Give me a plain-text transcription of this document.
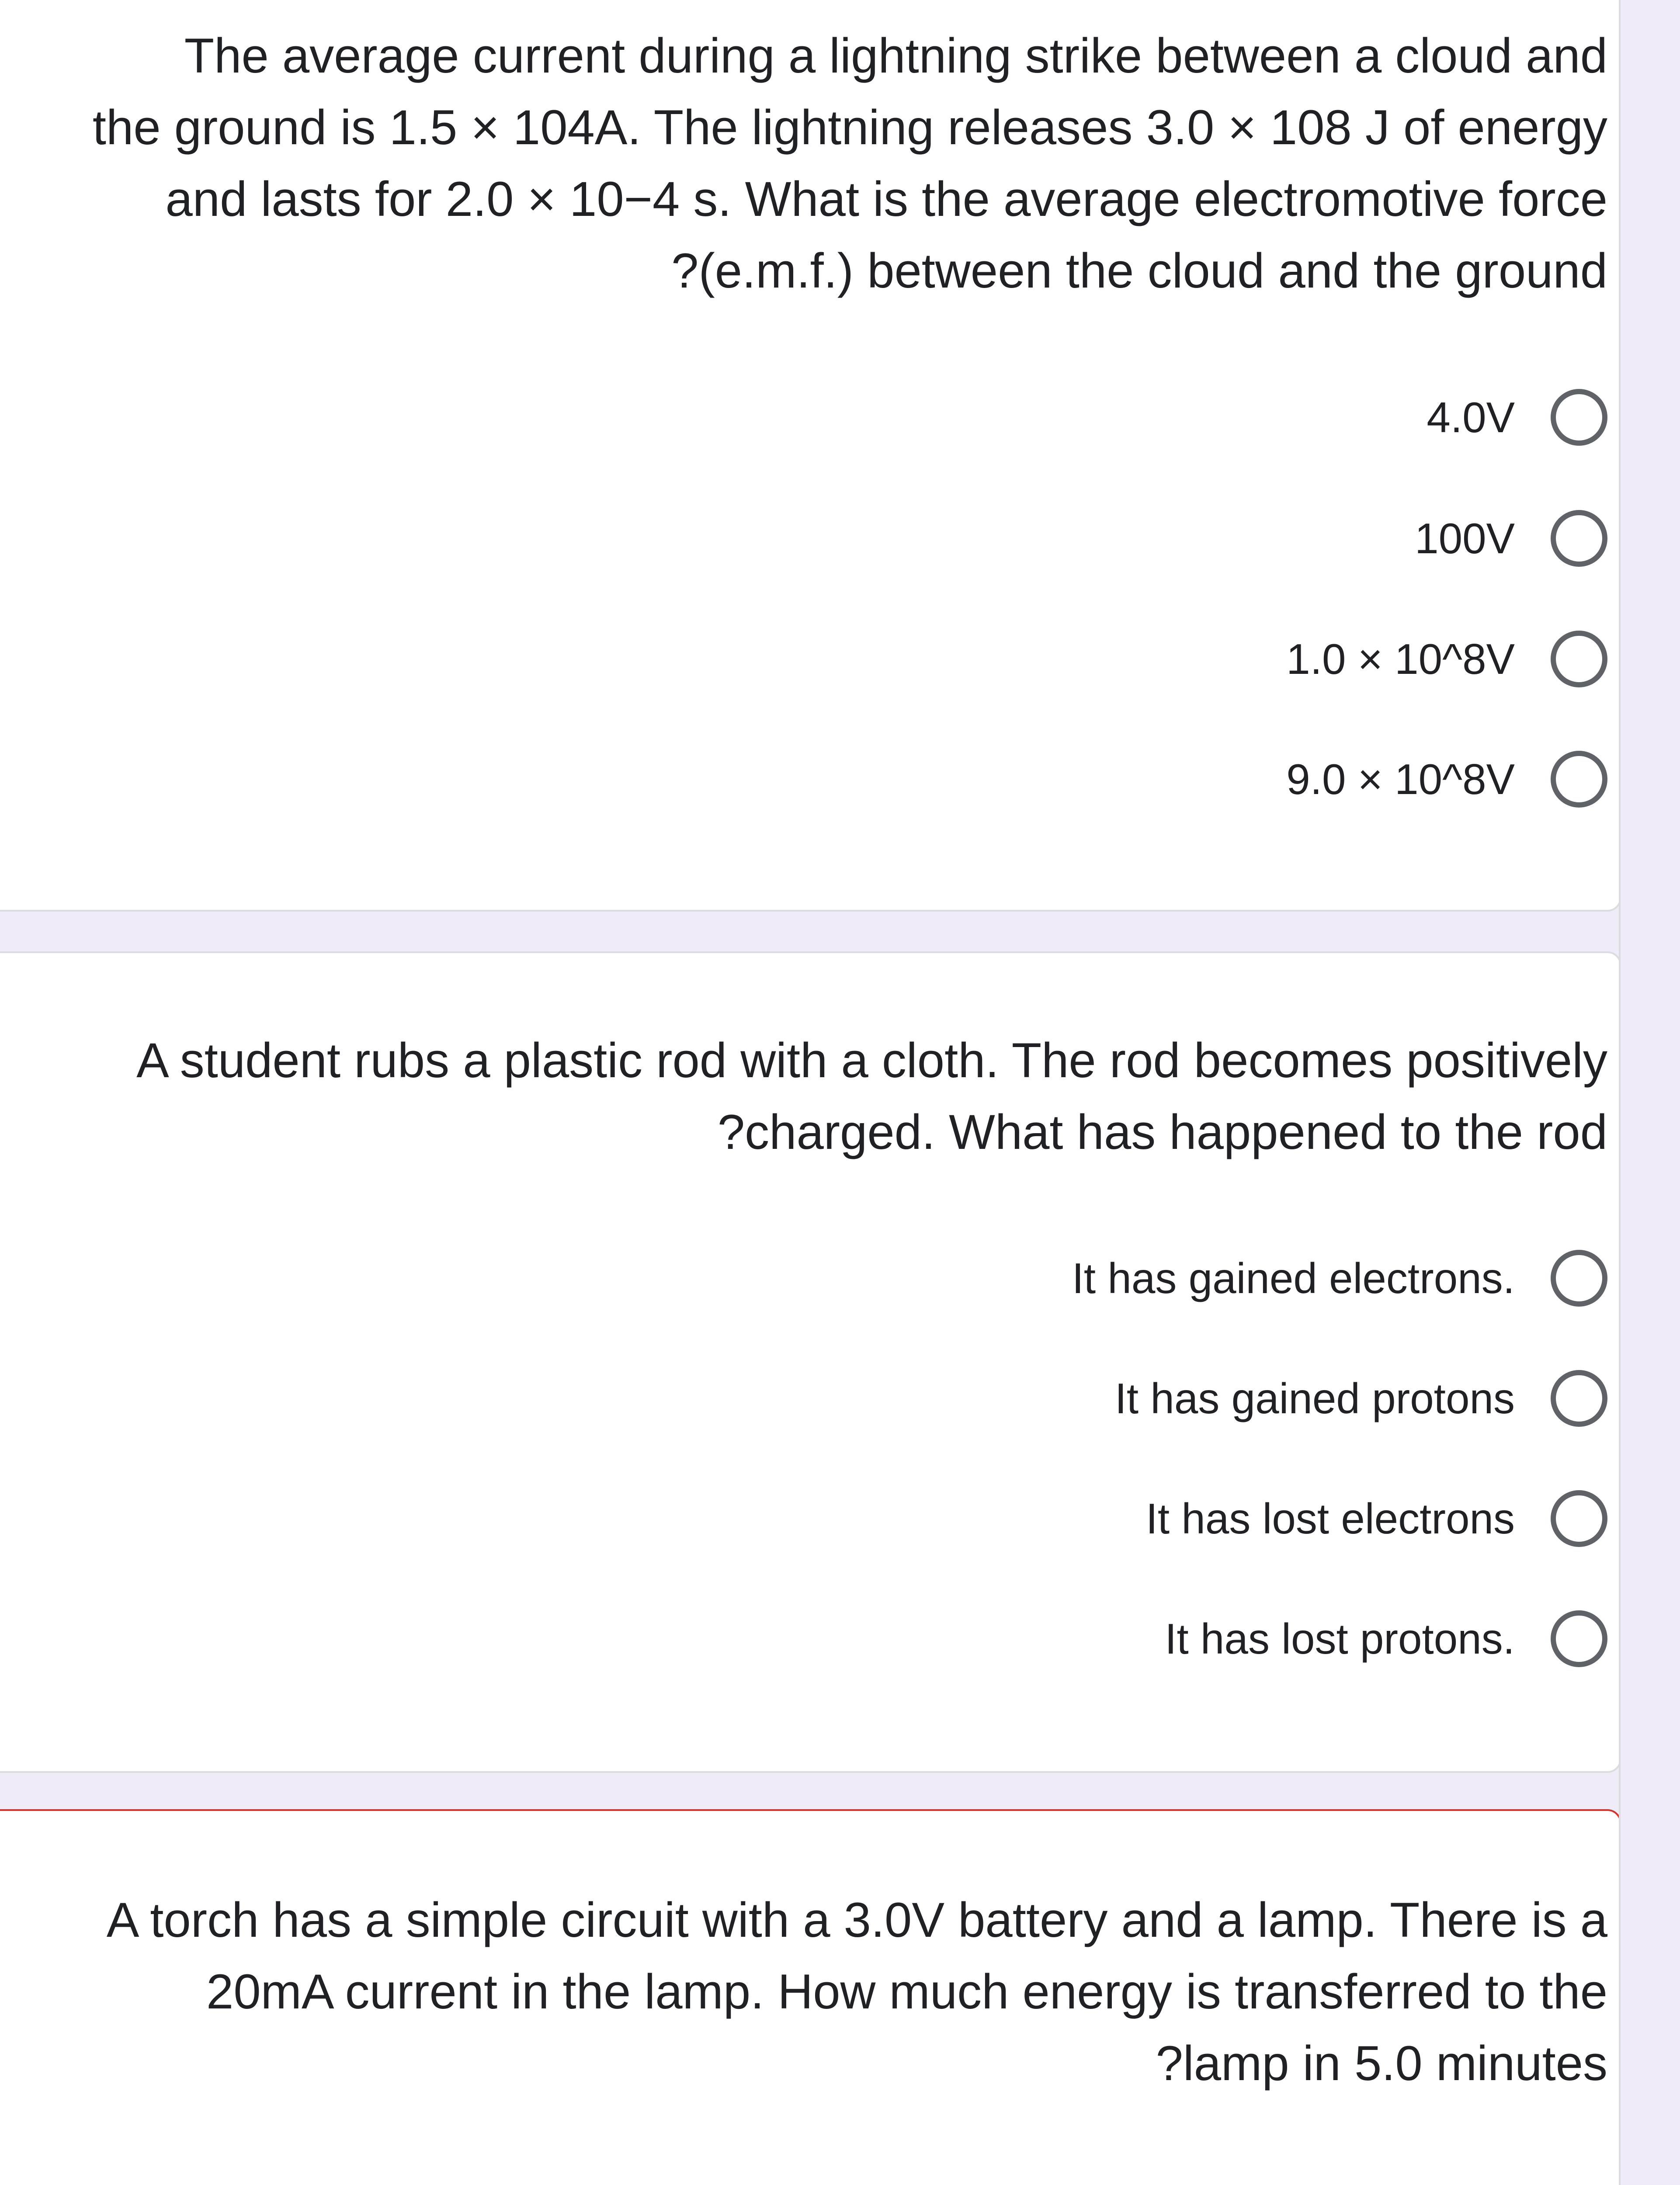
The average current during a lightning strike between a cloud and
the ground is 1.5 × 104A. The lightning releases 3.0 × 108 J of energy
and lasts for 2.0 × 10−4 s. What is the average electromotive force
?(e.m.f.) between the cloud and the ground
4.0V
100V
1.0 × 10^8V
9.0 × 10^8V
A student rubs a plastic rod with a cloth. The rod becomes positively
?charged. What has happened to the rod
It has gained electrons.
It has gained protons
It has lost electrons
It has lost protons.
A torch has a simple circuit with a 3.0V battery and a lamp. There is a
20mA current in the lamp. How much energy is transferred to the
?lamp in 5.0 minutes
